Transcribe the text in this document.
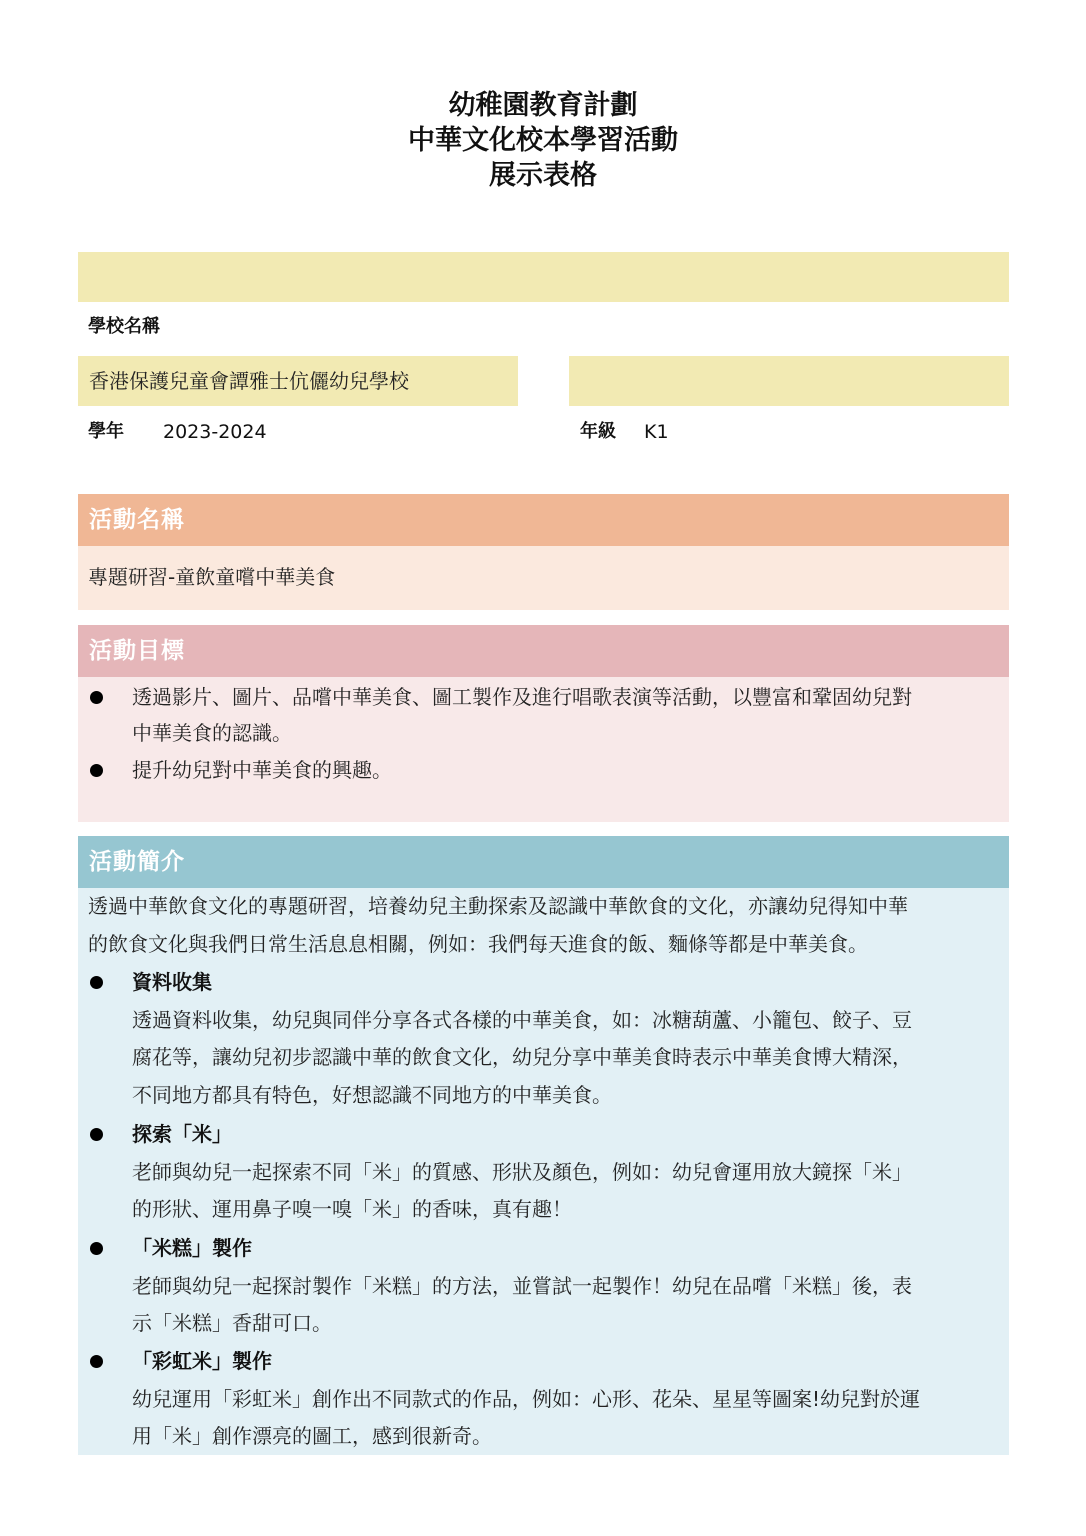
幼稚園教育計劃
中華文化校本學習活動
展示表格
學校名稱
香港保護兒童會譚雅士伉儷幼兒學校
學年 2023-2024	年級 K1
活動名稱
專題研習-童飲童嚐中華美食
活動目標
透過影片、圖片、品嚐中華美食、圖工製作及進行唱歌表演等活動，以豐富和鞏固幼兒對
中華美食的認識。
提升幼兒對中華美食的興趣。
活動簡介
透過中華飲食文化的專題研習，培養幼兒主動探索及認識中華飲食的文化，亦讓幼兒得知中華
的飲食文化與我們日常生活息息相關，例如：我們每天進食的飯、麵條等都是中華美食。
資料收集
透過資料收集，幼兒與同伴分享各式各樣的中華美食，如：冰糖葫蘆、小籠包、餃子、豆
腐花等，讓幼兒初步認識中華的飲食文化，幼兒分享中華美食時表示中華美食博大精深，
不同地方都具有特色，好想認識不同地方的中華美食。
探索「米」
老師與幼兒一起探索不同「米」的質感、形狀及顏色，例如：幼兒會運用放大鏡探「米」
的形狀、運用鼻子嗅一嗅「米」的香味，真有趣！
「米糕」製作
老師與幼兒一起探討製作「米糕」的方法，並嘗試一起製作！幼兒在品嚐「米糕」後，表
示「米糕」香甜可口。
「彩虹米」製作
幼兒運用「彩虹米」創作出不同款式的作品，例如：心形、花朵、星星等圖案!幼兒對於運
用「米」創作漂亮的圖工，感到很新奇。
